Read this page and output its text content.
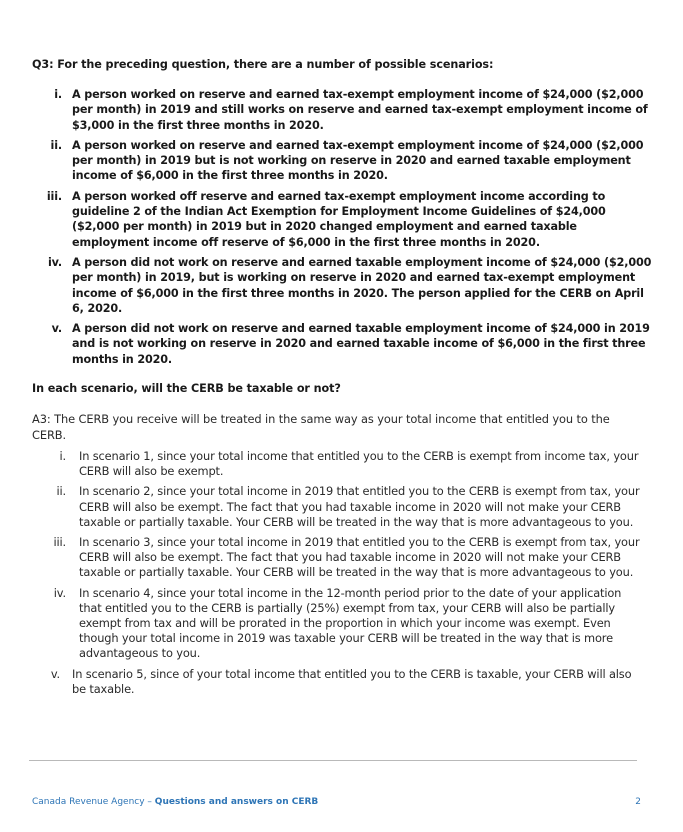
Q3: For the preceding question, there are a number of possible scenarios:
i. A person worked on reserve and earned tax-exempt employment income of $24,000 ($2,000 per month) in 2019 and still works on reserve and earned tax-exempt employment income of $3,000 in the first three months in 2020.
ii. A person worked on reserve and earned tax-exempt employment income of $24,000 ($2,000 per month) in 2019 but is not working on reserve in 2020 and earned taxable employment income of $6,000 in the first three months in 2020.
iii. A person worked off reserve and earned tax-exempt employment income according to guideline 2 of the Indian Act Exemption for Employment Income Guidelines of $24,000 ($2,000 per month) in 2019 but in 2020 changed employment and earned taxable employment income off reserve of $6,000 in the first three months in 2020.
iv. A person did not work on reserve and earned taxable employment income of $24,000 ($2,000 per month) in 2019, but is working on reserve in 2020 and earned tax-exempt employment income of $6,000 in the first three months in 2020. The person applied for the CERB on April 6, 2020.
v. A person did not work on reserve and earned taxable employment income of $24,000 in 2019 and is not working on reserve in 2020 and earned taxable income of $6,000 in the first three months in 2020.
In each scenario, will the CERB be taxable or not?
A3: The CERB you receive will be treated in the same way as your total income that entitled you to the CERB.
i. In scenario 1, since your total income that entitled you to the CERB is exempt from income tax, your CERB will also be exempt.
ii. In scenario 2, since your total income in 2019 that entitled you to the CERB is exempt from tax, your CERB will also be exempt. The fact that you had taxable income in 2020 will not make your CERB taxable or partially taxable. Your CERB will be treated in the way that is more advantageous to you.
iii. In scenario 3, since your total income in 2019 that entitled you to the CERB is exempt from tax, your CERB will also be exempt. The fact that you had taxable income in 2020 will not make your CERB taxable or partially taxable. Your CERB will be treated in the way that is more advantageous to you.
iv. In scenario 4, since your total income in the 12-month period prior to the date of your application that entitled you to the CERB is partially (25%) exempt from tax, your CERB will also be partially exempt from tax and will be prorated in the proportion in which your income was exempt. Even though your total income in 2019 was taxable your CERB will be treated in the way that is more advantageous to you.
v. In scenario 5, since of your total income that entitled you to the CERB is taxable, your CERB will also be taxable.
Canada Revenue Agency – Questions and answers on CERB	2
